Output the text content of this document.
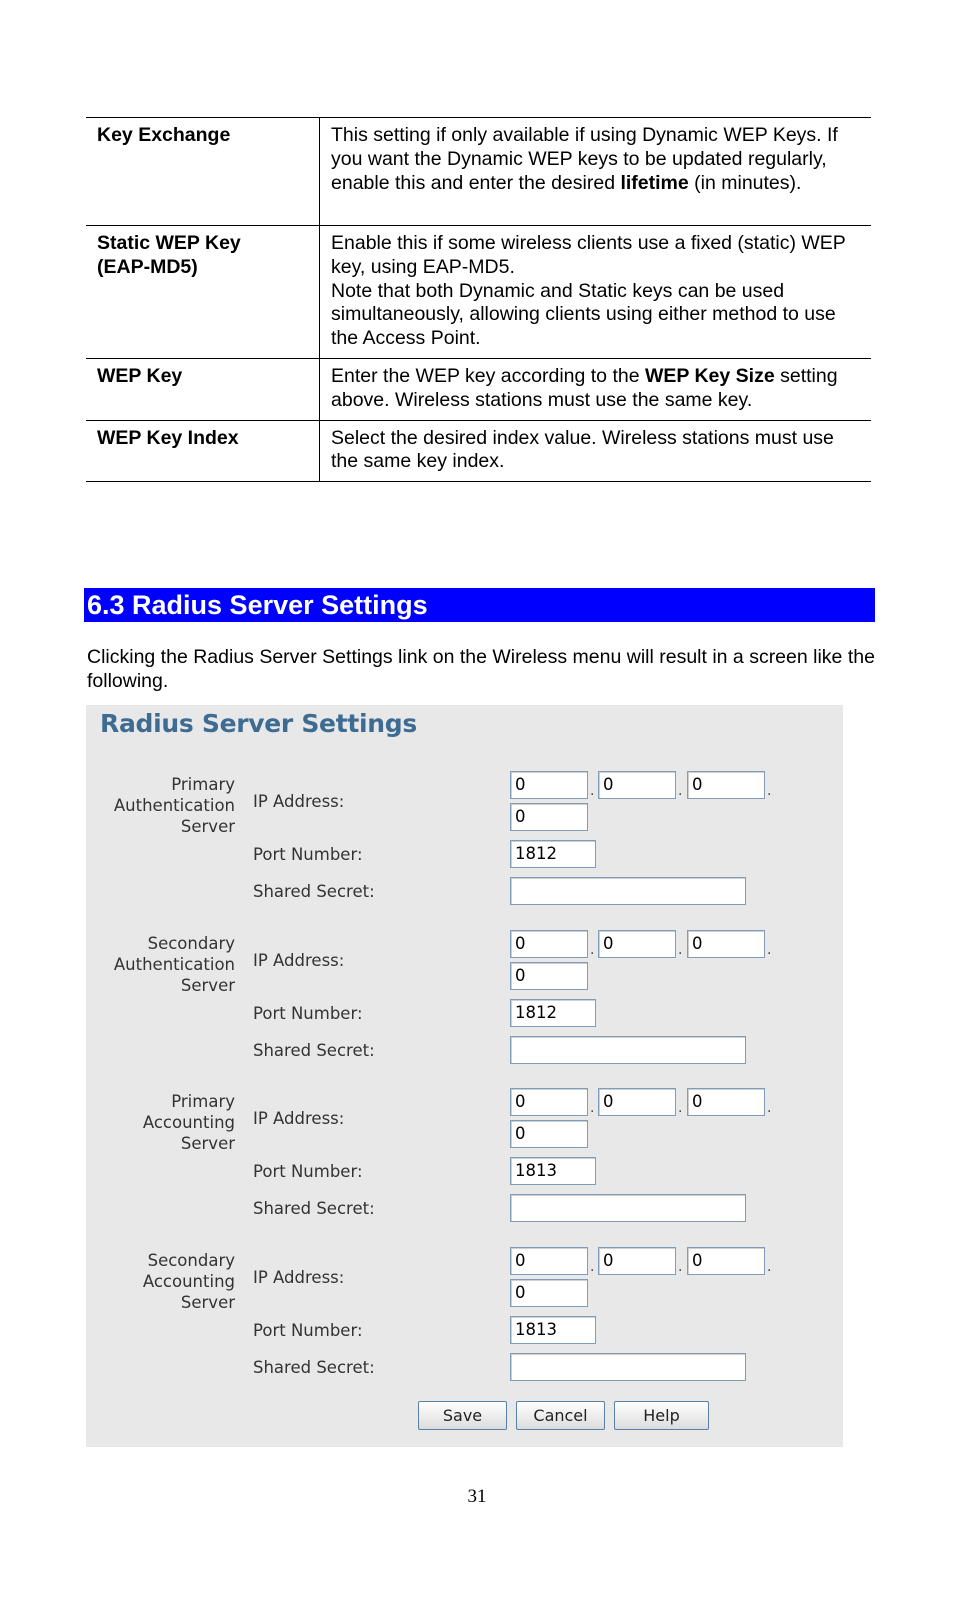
Key Exchange	This setting if only available if using Dynamic WEP Keys. If you want the Dynamic WEP keys to be updated regularly, enable this and enter the desired lifetime (in minutes).

Static WEP Key
(EAP-MD5)	Enable this if some wireless clients use a fixed (static) WEP key, using EAP-MD5.
Note that both Dynamic and Static keys can be used simultaneously, allowing clients using either method to use the Access Point.

WEP Key	Enter the WEP key according to the WEP Key Size setting above. Wireless stations must use the same key.

WEP Key Index	Select the desired index value. Wireless stations must use the same key index.
6.3 Radius Server Settings
Clicking the Radius Server Settings link on the Wireless menu will result in a screen like the following.
Radius Server Settings
Primary
Authentication
Server
IP Address:
0	. 0	. 0	.
0
Port Number:	1812
Shared Secret:
Secondary
Authentication
Server
IP Address:
0	. 0	. 0	.
0
Port Number:	1812
Shared Secret:
Primary
Accounting
Server
IP Address:
0	. 0	. 0	.
0
Port Number:	1813
Shared Secret:
Secondary
Accounting
Server
IP Address:
0	. 0	. 0	.
0
Port Number:	1813
Shared Secret:
Save	Cancel	Help
31
